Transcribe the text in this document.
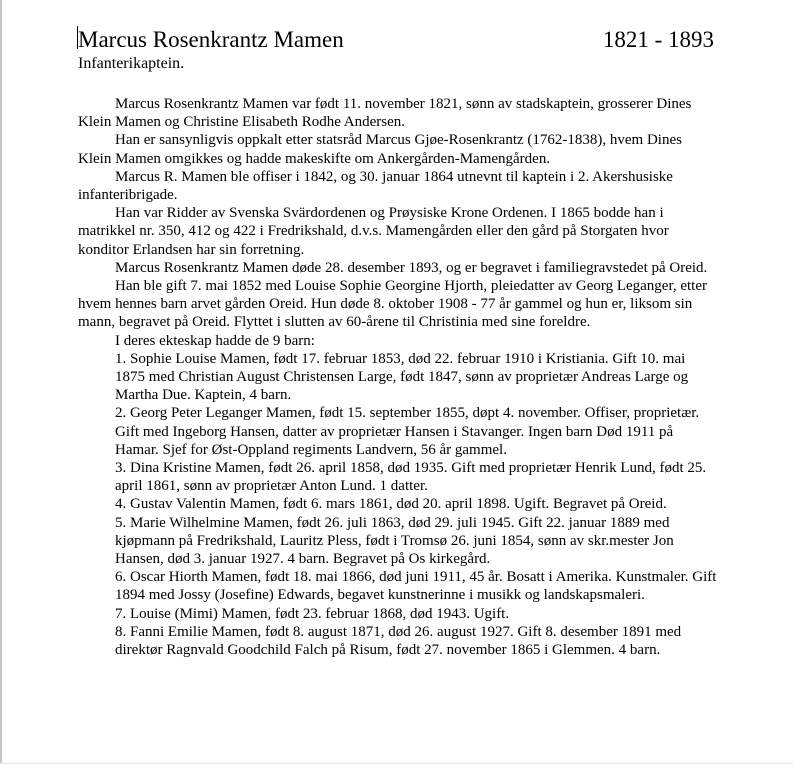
Marcus Rosenkrantz Mamen	1821 - 1893
Infanterikaptein.

Marcus Rosenkrantz Mamen var født 11. november 1821, sønn av stadskaptein, grosserer Dines Klein Mamen og Christine Elisabeth Rodhe Andersen.

Han er sansynligvis oppkalt etter statsråd Marcus Gjøe-Rosenkrantz (1762-1838), hvem Dines Klein Mamen omgikkes og hadde makeskifte om Ankergården-Mamengården.

Marcus R. Mamen ble offiser i 1842, og 30. januar 1864 utnevnt til kaptein i 2. Akershusiske infanteribrigade.

Han var Ridder av Svenska Svärdordenen og Prøysiske Krone Ordenen. I 1865 bodde han i matrikkel nr. 350, 412 og 422 i Fredrikshald, d.v.s. Mamengården eller den gård på Storgaten hvor konditor Erlandsen har sin forretning.

Marcus Rosenkrantz Mamen døde 28. desember 1893, og er begravet i familiegravstedet på Oreid.

Han ble gift 7. mai 1852 med Louise Sophie Georgine Hjorth, pleiedatter av Georg Leganger, etter hvem hennes barn arvet gården Oreid. Hun døde 8. oktober 1908 - 77 år gammel og hun er, liksom sin mann, begravet på Oreid. Flyttet i slutten av 60-årene til Christinia med sine foreldre.

I deres ekteskap hadde de 9 barn:

1. Sophie Louise Mamen, født 17. februar 1853, død 22. februar 1910 i Kristiania. Gift 10. mai 1875 med Christian August Christensen Large, født 1847, sønn av proprietær Andreas Large og Martha Due. Kaptein, 4 barn.
2. Georg Peter Leganger Mamen, født 15. september 1855, døpt 4. november. Offiser, proprietær. Gift med Ingeborg Hansen, datter av proprietær Hansen i Stavanger. Ingen barn Død 1911 på Hamar. Sjef for Øst-Oppland regiments Landvern, 56 år gammel.
3. Dina Kristine Mamen, født 26. april 1858, død 1935. Gift med proprietær Henrik Lund, født 25. april 1861, sønn av proprietær Anton Lund. 1 datter.
4. Gustav Valentin Mamen, født 6. mars 1861, død 20. april 1898. Ugift. Begravet på Oreid.
5. Marie Wilhelmine Mamen, født 26. juli 1863, død 29. juli 1945. Gift 22. januar 1889 med kjøpmann på Fredrikshald, Lauritz Pless, født i Tromsø 26. juni 1854, sønn av skr.mester Jon Hansen, død 3. januar 1927. 4 barn. Begravet på Os kirkegård.
6. Oscar Hiorth Mamen, født 18. mai 1866, død juni 1911, 45 år. Bosatt i Amerika. Kunstmaler. Gift 1894 med Jossy (Josefine) Edwards, begavet kunstnerinne i musikk og landskapsmaleri.
7. Louise (Mimi) Mamen, født 23. februar 1868, død 1943. Ugift.
8. Fanni Emilie Mamen, født 8. august 1871, død 26. august 1927. Gift 8. desember 1891 med direktør Ragnvald Goodchild Falch på Risum, født 27. november 1865 i Glemmen. 4 barn.
